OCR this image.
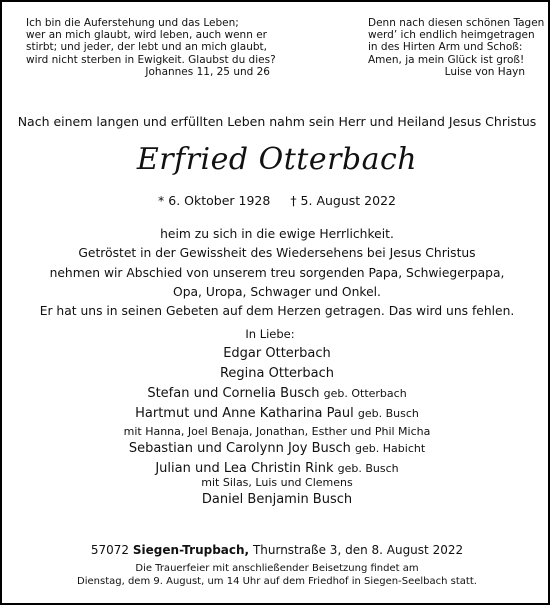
Ich bin die Auferstehung und das Leben;
wer an mich glaubt, wird leben, auch wenn er
stirbt; und jeder, der lebt und an mich glaubt,
wird nicht sterben in Ewigkeit. Glaubst du dies?
Johannes 11, 25 und 26
Denn nach diesen schönen Tagen
werd’ ich endlich heimgetragen
in des Hirten Arm und Schoß:
Amen, ja mein Glück ist groß!
Luise von Hayn
Nach einem langen und erfüllten Leben nahm sein Herr und Heiland Jesus Christus
Erfried Otterbach
* 6. Oktober 1928 † 5. August 2022
heim zu sich in die ewige Herrlichkeit.
Getröstet in der Gewissheit des Wiedersehens bei Jesus Christus
nehmen wir Abschied von unserem treu sorgenden Papa, Schwiegerpapa,
Opa, Uropa, Schwager und Onkel.
Er hat uns in seinen Gebeten auf dem Herzen getragen. Das wird uns fehlen.
In Liebe:
Edgar Otterbach
Regina Otterbach
Stefan und Cornelia Busch geb. Otterbach
Hartmut und Anne Katharina Paul geb. Busch
mit Hanna, Joel Benaja, Jonathan, Esther und Phil Micha
Sebastian und Carolynn Joy Busch geb. Habicht
Julian und Lea Christin Rink geb. Busch
mit Silas, Luis und Clemens
Daniel Benjamin Busch
57072 Siegen-Trupbach, Thurnstraße 3, den 8. August 2022
Die Trauerfeier mit anschließender Beisetzung findet am
Dienstag, dem 9. August, um 14 Uhr auf dem Friedhof in Siegen-Seelbach statt.
